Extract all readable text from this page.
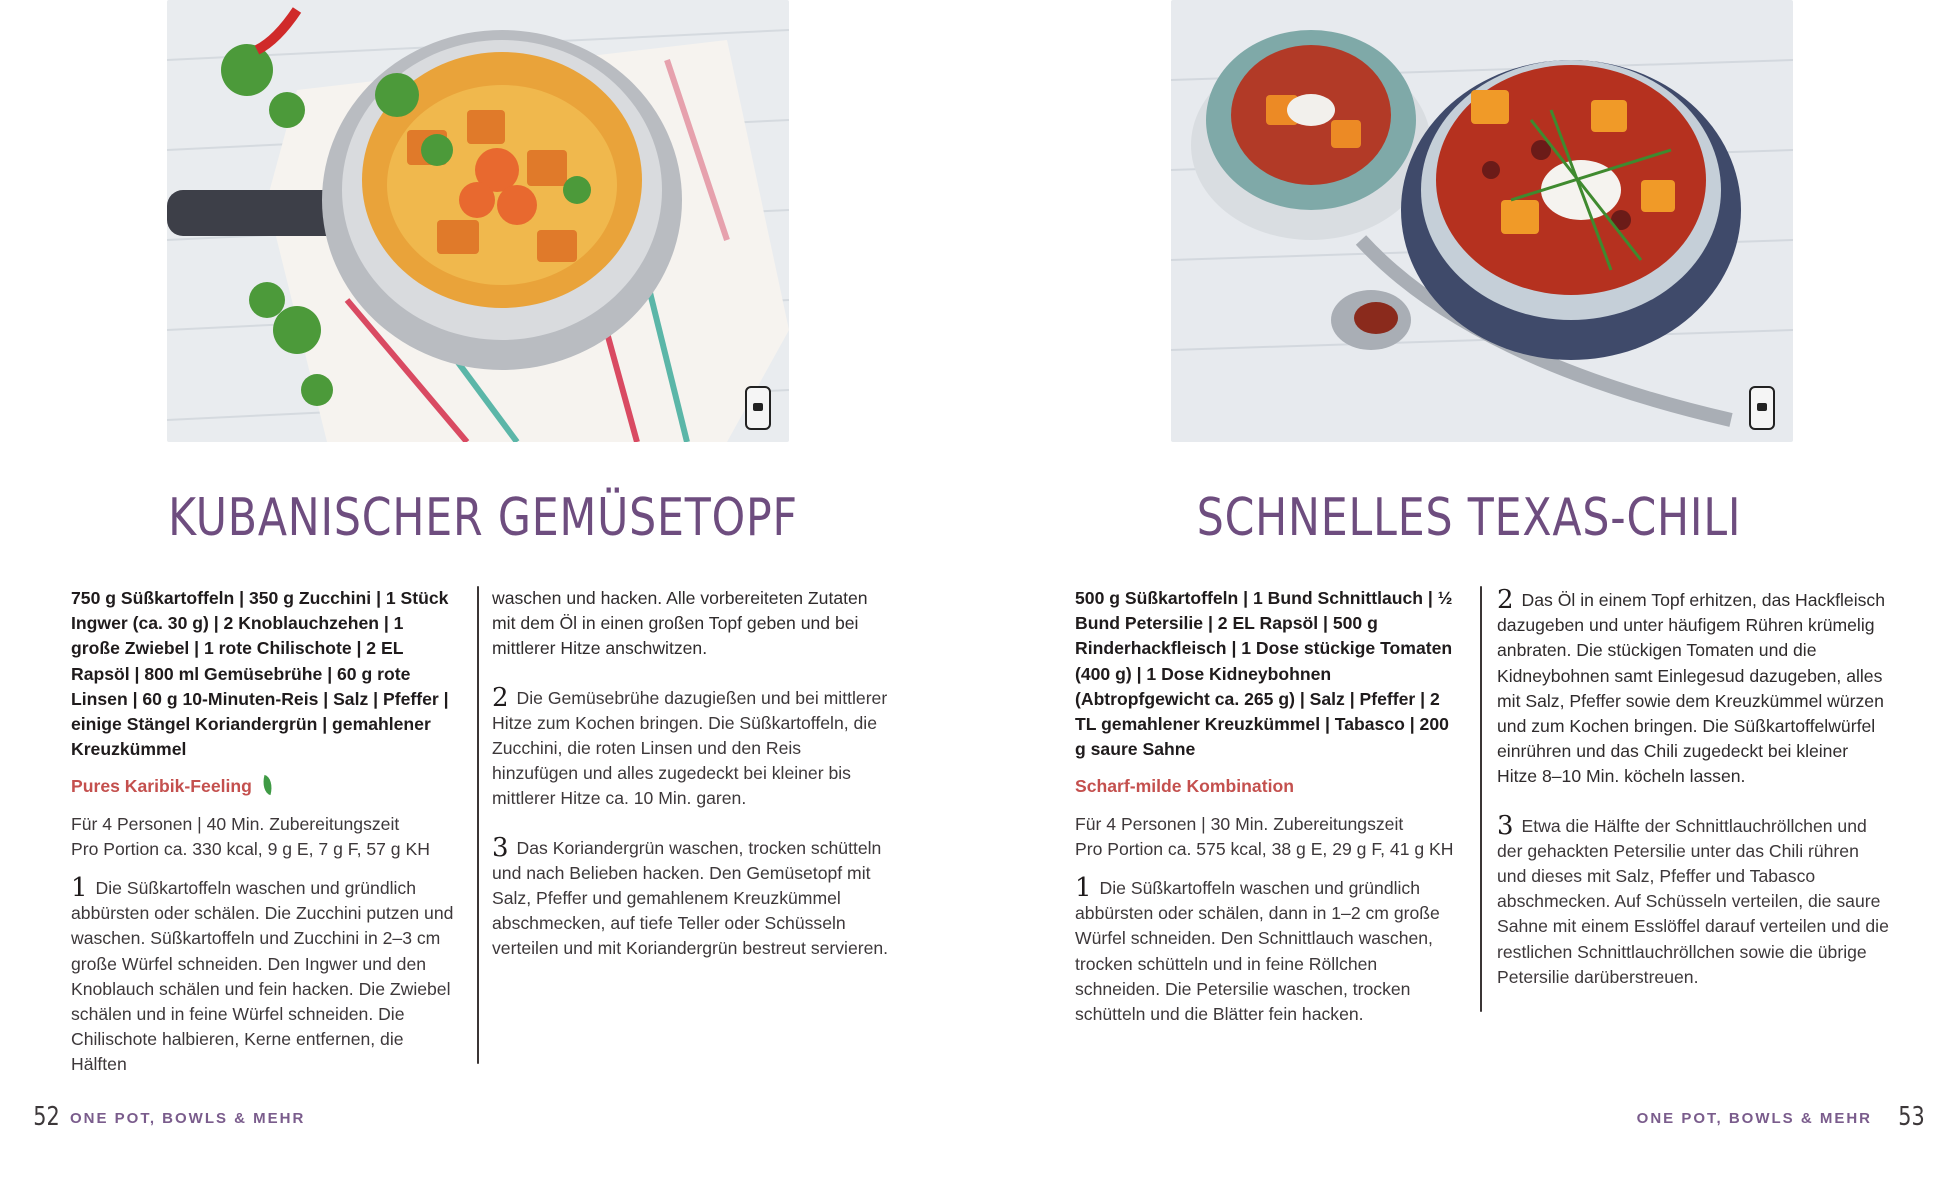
KUBANISCHER GEMÜSETOPF
750 g Süßkartoffeln | 350 g Zucchini | 1 Stück Ingwer (ca. 30 g) | 2 Knoblauchzehen | 1 große Zwiebel | 1 rote Chilischote | 2 EL Rapsöl | 800 ml Gemüsebrühe | 60 g rote Linsen | 60 g 10-Minuten-Reis | Salz | Pfeffer | einige Stängel Koriandergrün | gemahlener Kreuzkümmel
Pures Karibik-Feeling
Für 4 Personen | 40 Min. Zubereitungszeit
Pro Portion ca. 330 kcal, 9 g E, 7 g F, 57 g KH
1 Die Süßkartoffeln waschen und gründlich abbürsten oder schälen. Die Zucchini putzen und waschen. Süßkartoffeln und Zucchini in 2–3 cm große Würfel schneiden. Den Ingwer und den Knoblauch schälen und fein hacken. Die Zwiebel schälen und in feine Würfel schneiden. Die Chilischote halbieren, Kerne entfernen, die Hälften
waschen und hacken. Alle vorbereiteten Zutaten mit dem Öl in einen großen Topf geben und bei mittlerer Hitze anschwitzen.
2 Die Gemüsebrühe dazugießen und bei mittlerer Hitze zum Kochen bringen. Die Süßkartoffeln, die Zucchini, die roten Linsen und den Reis hinzufügen und alles zugedeckt bei kleiner bis mittlerer Hitze ca. 10 Min. garen.
3 Das Koriandergrün waschen, trocken schütteln und nach Belieben hacken. Den Gemüsetopf mit Salz, Pfeffer und gemahlenem Kreuzkümmel abschmecken, auf tiefe Teller oder Schüsseln verteilen und mit Koriandergrün bestreut servieren.
52 ONE POT, BOWLS & MEHR
SCHNELLES TEXAS-CHILI
500 g Süßkartoffeln | 1 Bund Schnittlauch | ½ Bund Petersilie | 2 EL Rapsöl | 500 g Rinderhackfleisch | 1 Dose stückige Tomaten (400 g) | 1 Dose Kidneybohnen (Abtropfgewicht ca. 265 g) | Salz | Pfeffer | 2 TL gemahlener Kreuzkümmel | Tabasco | 200 g saure Sahne
Scharf-milde Kombination
Für 4 Personen | 30 Min. Zubereitungszeit
Pro Portion ca. 575 kcal, 38 g E, 29 g F, 41 g KH
1 Die Süßkartoffeln waschen und gründlich abbürsten oder schälen, dann in 1–2 cm große Würfel schneiden. Den Schnittlauch waschen, trocken schütteln und in feine Röllchen schneiden. Die Petersilie waschen, trocken schütteln und die Blätter fein hacken.
2 Das Öl in einem Topf erhitzen, das Hackfleisch dazugeben und unter häufigem Rühren krümelig anbraten. Die stückigen Tomaten und die Kidneybohnen samt Einlegesud dazugeben, alles mit Salz, Pfeffer sowie dem Kreuzkümmel würzen und zum Kochen bringen. Die Süßkartoffelwürfel einrühren und das Chili zugedeckt bei kleiner Hitze 8–10 Min. köcheln lassen.
3 Etwa die Hälfte der Schnittlauchröllchen und der gehackten Petersilie unter das Chili rühren und dieses mit Salz, Pfeffer und Tabasco abschmecken. Auf Schüsseln verteilen, die saure Sahne mit einem Esslöffel darauf verteilen und die restlichen Schnittlauchröllchen sowie die übrige Petersilie darüberstreuen.
ONE POT, BOWLS & MEHR 53
